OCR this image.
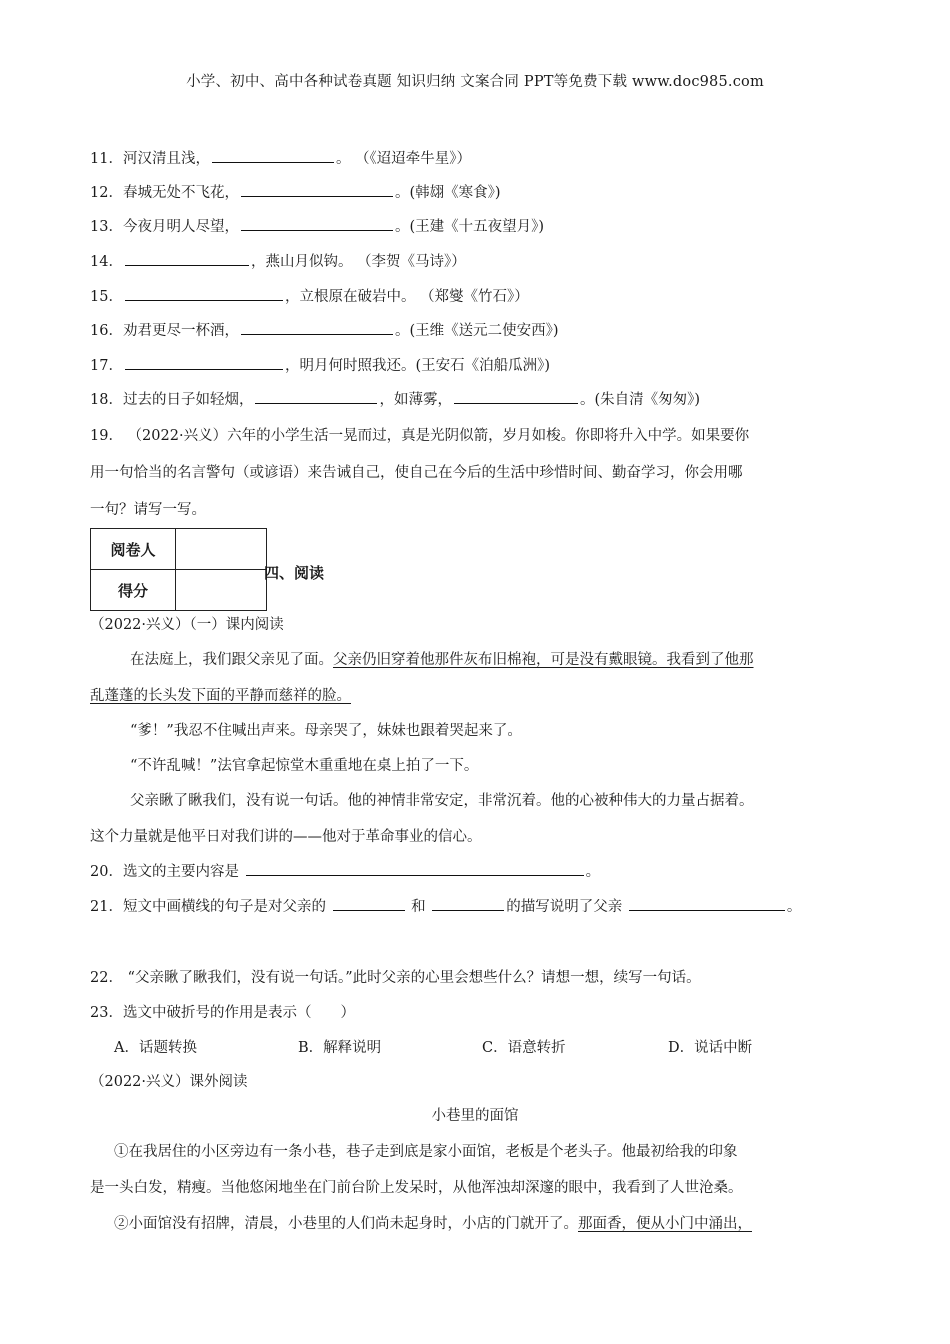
小学、初中、高中各种试卷真题 知识归纳 文案合同 PPT等免费下载 www.doc985.com
11．河汉清且浅，	。 （《迢迢牵牛星》）
12．春城无处不飞花，	。(韩翃《寒食》)
13．今夜月明人尽望，	。(王建《十五夜望月》)
14．	，燕山月似钩。 （李贺《马诗》）
15．	，立根原在破岩中。 （郑燮《竹石》）
16．劝君更尽一杯酒，	。(王维《送元二使安西》)
17．	，明月何时照我还。(王安石《泊船瓜洲》)
18．过去的日子如轻烟，	，如薄雾，	。(朱自清《匆匆》)
19． （2022·兴义）六年的小学生活一晃而过，真是光阴似箭，岁月如梭。你即将升入中学。如果要你
用一句恰当的名言警句（或谚语）来告诫自己，使自己在今后的生活中珍惜时间、勤奋学习，你会用哪
一句？请写一写。
阅卷人	
得分	
四、阅读
（2022·兴义）（一）课内阅读
在法庭上，我们跟父亲见了面。父亲仍旧穿着他那件灰布旧棉袍，可是没有戴眼镜。我看到了他那
乱蓬蓬的长头发下面的平静而慈祥的脸。
“爹！”我忍不住喊出声来。母亲哭了，妹妹也跟着哭起来了。
“不许乱喊！”法官拿起惊堂木重重地在桌上拍了一下。
父亲瞅了瞅我们，没有说一句话。他的神情非常安定，非常沉着。他的心被种伟大的力量占据着。
这个力量就是他平日对我们讲的——他对于革命事业的信心。
20．选文的主要内容是	。
21．短文中画横线的句子是对父亲的	和	的描写说明了父亲	。
22． “父亲瞅了瞅我们，没有说一句话。”此时父亲的心里会想些什么？请想一想，续写一句话。
23．选文中破折号的作用是表示（　　）
A．话题转换	B．解释说明	C．语意转折	D．说话中断
（2022·兴义）课外阅读
小巷里的面馆
①在我居住的小区旁边有一条小巷，巷子走到底是家小面馆，老板是个老头子。他最初给我的印象
是一头白发，精瘦。当他悠闲地坐在门前台阶上发呆时，从他浑浊却深邃的眼中，我看到了人世沧桑。
②小面馆没有招牌，清晨，小巷里的人们尚未起身时，小店的门就开了。那面香，便从小门中涌出，
